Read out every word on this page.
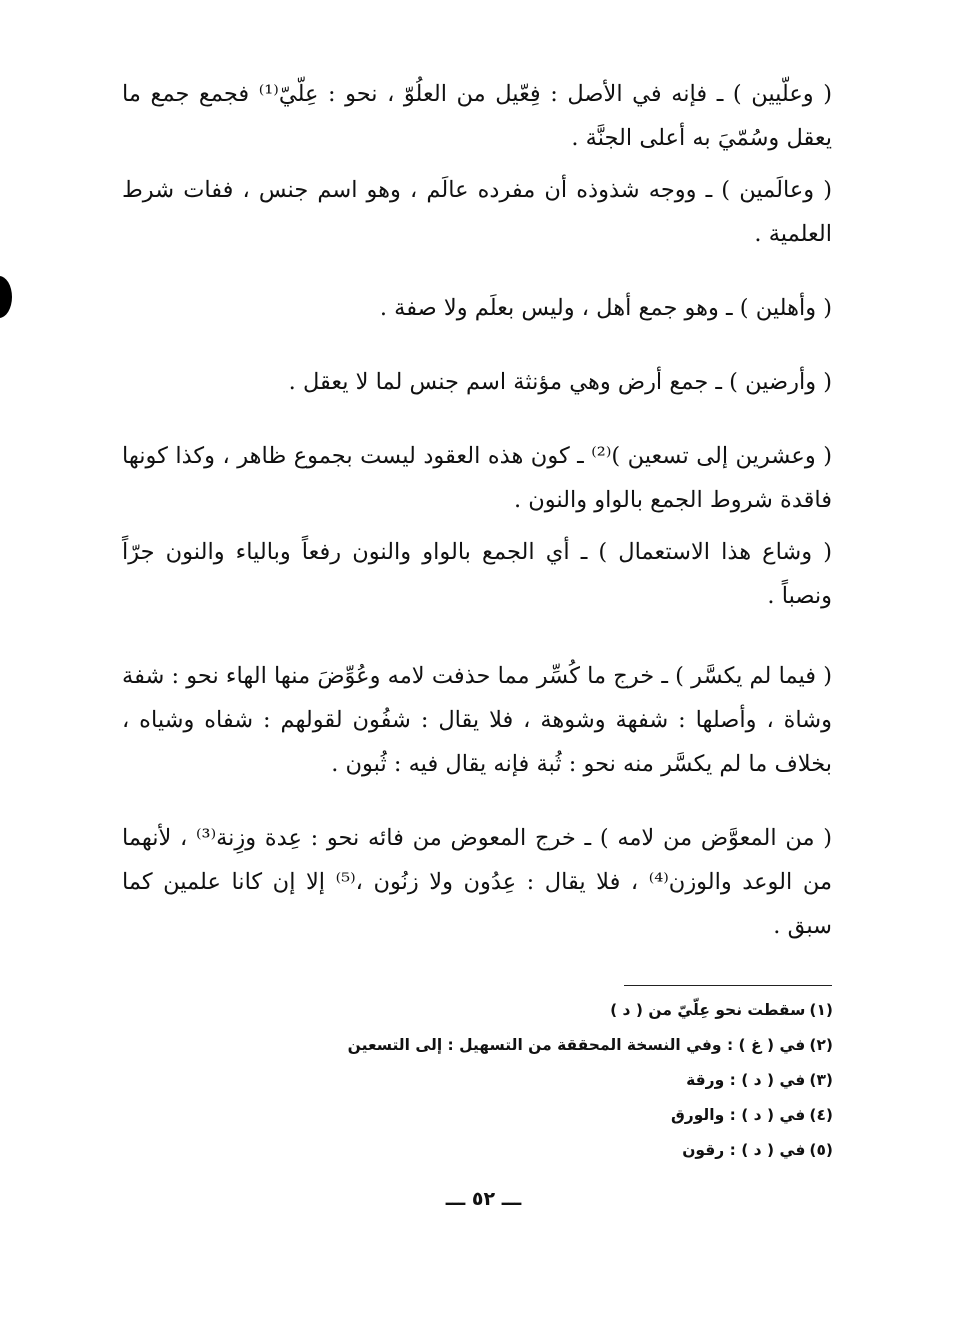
( وعلّيين ) ـ فإنه في الأصل : فِعّيل من العلُوّ ، نحو : عِلّيّ⁽¹⁾ فجمع جمع ما يعقل وسُمّيَ به أعلى الجنَّة .

( وعالَمين ) ـ ووجه شذوذه أن مفرده عالَم ، وهو اسم جنس ، ففات شرط العلمية .

( وأهلين ) ـ وهو جمع أهل ، وليس بعلَم ولا صفة .

( وأرضين ) ـ جمع أرض وهي مؤنثة اسم جنس لما لا يعقل .

( وعشرين إلى تسعين )⁽²⁾ ـ كون هذه العقود ليست بجموع ظاهر ، وكذا كونها فاقدة شروط الجمع بالواو والنون .

( وشاع هذا الاستعمال ) ـ أي الجمع بالواو والنون رفعاً وبالياء والنون جرّاً ونصباً .

( فيما لم يكسَّر ) ـ خرج ما كُسِّر مما حذفت لامه وعُوِّضَ منها الهاء نحو : شفة وشاة ، وأصلها : شفهة وشوهة ، فلا يقال : شفُون لقولهم : شفاه وشياه ، بخلاف ما لم يكسَّر منه نحو : ثُبة فإنه يقال فيه : ثُبون .

( من المعوَّض من لامه ) ـ خرج المعوض من فائه نحو : عِدة وزِنة⁽³⁾ ، لأنهما من الوعد والوزن⁽⁴⁾ ، فلا يقال : عِدُون ولا زنُون ،⁽⁵⁾ إلا إن كانا علمين كما سبق .

(١)سقطت نحو عِلّيّ من ( د )

(٢)في ( غ ) : وفي النسخة المحققة من التسهيل : إلى التسعين

(٣)في ( د ) : ورقة

(٤)في ( د ) : والورق

(٥)في ( د ) : رقون

ـــ ٥٢ ـــ
